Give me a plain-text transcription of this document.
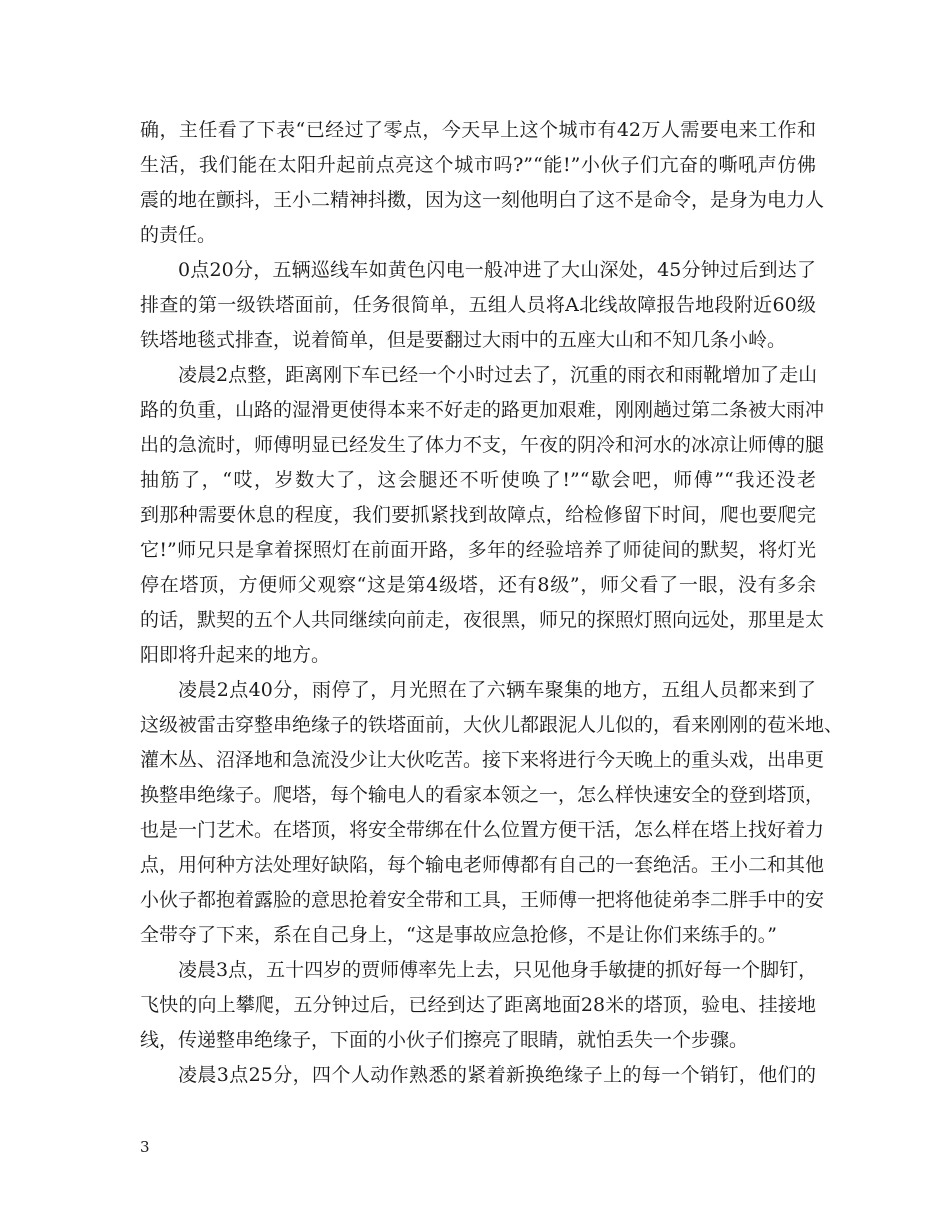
确，主任看了下表“已经过了零点，今天早上这个城市有42万人需要电来工作和
生活，我们能在太阳升起前点亮这个城市吗?”“能!”小伙子们亢奋的嘶吼声仿佛
震的地在颤抖，王小二精神抖擞，因为这一刻他明白了这不是命令，是身为电力人
的责任。
0点20分，五辆巡线车如黄色闪电一般冲进了大山深处，45分钟过后到达了
排查的第一级铁塔面前，任务很简单，五组人员将A北线故障报告地段附近60级
铁塔地毯式排查，说着简单，但是要翻过大雨中的五座大山和不知几条小岭。
凌晨2点整，距离刚下车已经一个小时过去了，沉重的雨衣和雨靴增加了走山
路的负重，山路的湿滑更使得本来不好走的路更加艰难，刚刚趟过第二条被大雨冲
出的急流时，师傅明显已经发生了体力不支，午夜的阴冷和河水的冰凉让师傅的腿
抽筋了，“哎，岁数大了，这会腿还不听使唤了!”“歇会吧，师傅”“我还没老
到那种需要休息的程度，我们要抓紧找到故障点，给检修留下时间，爬也要爬完
它!”师兄只是拿着探照灯在前面开路，多年的经验培养了师徒间的默契，将灯光
停在塔顶，方便师父观察“这是第4级塔，还有8级”，师父看了一眼，没有多余
的话，默契的五个人共同继续向前走，夜很黑，师兄的探照灯照向远处，那里是太
阳即将升起来的地方。
凌晨2点40分，雨停了，月光照在了六辆车聚集的地方，五组人员都来到了
这级被雷击穿整串绝缘子的铁塔面前，大伙儿都跟泥人儿似的，看来刚刚的苞米地、
灌木丛、沼泽地和急流没少让大伙吃苦。接下来将进行今天晚上的重头戏，出串更
换整串绝缘子。爬塔，每个输电人的看家本领之一，怎么样快速安全的登到塔顶，
也是一门艺术。在塔顶，将安全带绑在什么位置方便干活，怎么样在塔上找好着力
点，用何种方法处理好缺陷，每个输电老师傅都有自己的一套绝活。王小二和其他
小伙子都抱着露脸的意思抢着安全带和工具，王师傅一把将他徒弟李二胖手中的安
全带夺了下来，系在自己身上，“这是事故应急抢修，不是让你们来练手的。”
凌晨3点，五十四岁的贾师傅率先上去，只见他身手敏捷的抓好每一个脚钉，
飞快的向上攀爬，五分钟过后，已经到达了距离地面28米的塔顶，验电、挂接地
线，传递整串绝缘子，下面的小伙子们擦亮了眼睛，就怕丢失一个步骤。
凌晨3点25分，四个人动作熟悉的紧着新换绝缘子上的每一个销钉，他们的
3
